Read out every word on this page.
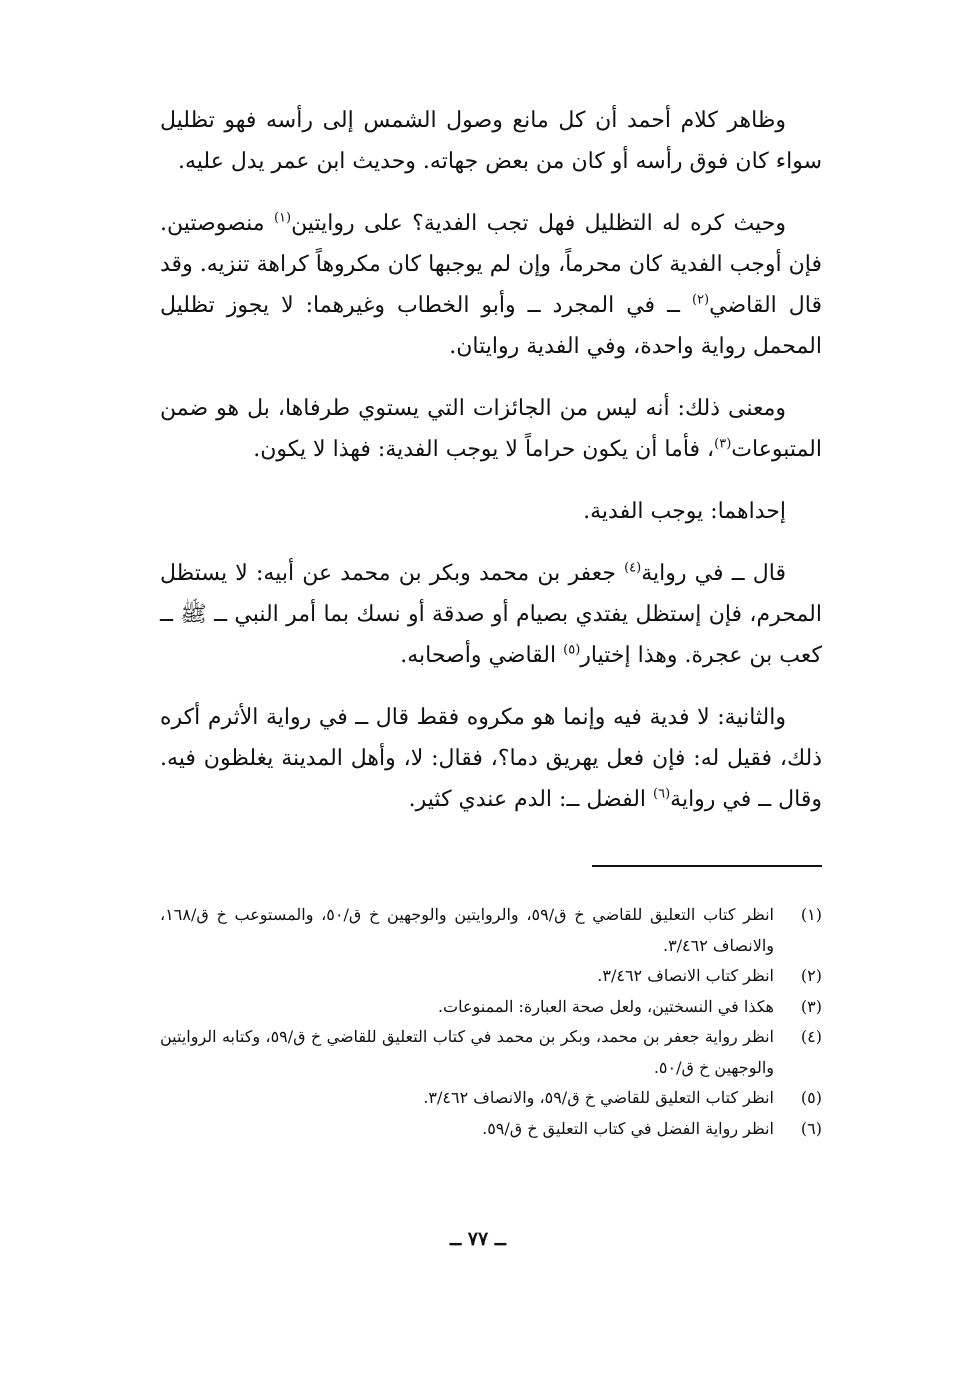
وظاهر كلام أحمد أن كل مانع وصول الشمس إلى رأسه فهو تظليل سواء كان فوق رأسه أو كان من بعض جهاته. وحديث ابن عمر يدل عليه.

وحيث كره له التظليل فهل تجب الفدية؟ على روايتين$^{(١)}$ منصوصتين. فإن أوجب الفدية كان محرماً، وإن لم يوجبها كان مكروهاً كراهة تنزيه. وقد قال القاضي$^{(٢)}$ ــ في المجرد ــ وأبو الخطاب وغيرهما: لا يجوز تظليل المحمل رواية واحدة، وفي الفدية روايتان.

ومعنى ذلك: أنه ليس من الجائزات التي يستوي طرفاها، بل هو ضمن المتبوعات$^{(٣)}$، فأما أن يكون حراماً لا يوجب الفدية: فهذا لا يكون.

إحداهما: يوجب الفدية.

قال ــ في رواية$^{(٤)}$ جعفر بن محمد وبكر بن محمد عن أبيه: لا يستظل المحرم، فإن إستظل يفتدي بصيام أو صدقة أو نسك بما أمر النبي ــ ﷺ ــ كعب بن عجرة. وهذا إختيار$^{(٥)}$ القاضي وأصحابه.

والثانية: لا فدية فيه وإنما هو مكروه فقط قال ــ في رواية الأثرم أكره ذلك، فقيل له: فإن فعل يهريق دما؟، فقال: لا، وأهل المدينة يغلظون فيه. وقال ــ في رواية$^{(٦)}$ الفضل ــ: الدم عندي كثير.

(١)
انظر كتاب التعليق للقاضي خ ق/٥٩، والروايتين والوجهين خ ق/٥٠، والمستوعب خ ق/١٦٨، والانصاف ٣/٤٦٢.
(٢)
انظر كتاب الانصاف ٣/٤٦٢.
(٣)
هكذا في النسختين، ولعل صحة العبارة: الممنوعات.
(٤)
انظر رواية جعفر بن محمد، وبكر بن محمد في كتاب التعليق للقاضي خ ق/٥٩، وكتابه الروايتين والوجهين خ ق/٥٠.
(٥)
انظر كتاب التعليق للقاضي خ ق/٥٩، والانصاف ٣/٤٦٢.
(٦)
انظر رواية الفضل في كتاب التعليق خ ق/٥٩.
ــ ٧٧ ــ
